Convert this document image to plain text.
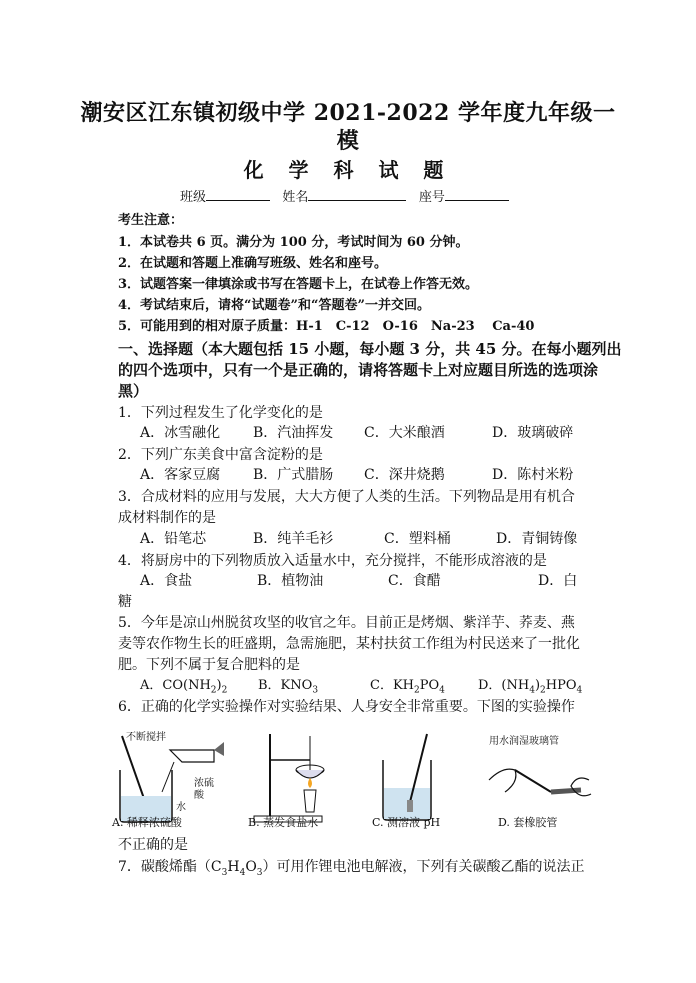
潮安区江东镇初级中学 2021-2022 学年度九年级一
模
化 学 科 试 题
班级	姓名	座号
考生注意：
1．本试卷共 6 页。满分为 100 分，考试时间为 60 分钟。
2．在试题和答题上准确写班级、姓名和座号。
3．试题答案一律填涂或书写在答题卡上，在试卷上作答无效。
4．考试结束后，请将“试题卷”和“答题卷”一并交回。
5．可能用到的相对原子质量：H-1　C-12　O-16　Na-23　 Ca-40
一、选择题（本大题包括 15 小题，每小题 3 分，共 45 分。在每小题列出
的四个选项中，只有一个是正确的，请将答题卡上对应题目所选的选项涂
黑）
1．下列过程发生了化学变化的是
A．冰雪融化 B．汽油挥发 C．大米酿酒	D．玻璃破碎
2．下列广东美食中富含淀粉的是
A．客家豆腐 B．广式腊肠 C．深井烧鹅	D．陈村米粉
3．合成材料的应用与发展，大大方便了人类的生活。下列物品是用有机合
成材料制作的是
A．铅笔芯	B．纯羊毛衫	C．塑料桶	D．青铜铸像
4．将厨房中的下列物质放入适量水中，充分搅拌，不能形成溶液的是
A．食盐	B．植物油	C．食醋	D．白
糖
5．今年是凉山州脱贫攻坚的收官之年。目前正是烤烟、紫洋芋、荞麦、燕
麦等农作物生长的旺盛期，急需施肥，某村扶贫工作组为村民送来了一批化
肥。下列不属于复合肥料的是
A．$CO(NH_2)_2$ B．$KNO_3$	C．$KH_2PO_4$	D．$(NH_4)_2HPO_4$
6．正确的化学实验操作对实验结果、人身安全非常重要。下图的实验操作
不断搅拌
浓硫
酸
水
用水润湿玻璃管
A. 稀释浓硫酸	B. 蒸发食盐水	C. 测溶液 pH	D. 套橡胶管
不正确的是
7．碳酸烯酯$(C_3H_4O_3)$可用作锂电池电解液，下列有关碳酸乙酯的说法正
